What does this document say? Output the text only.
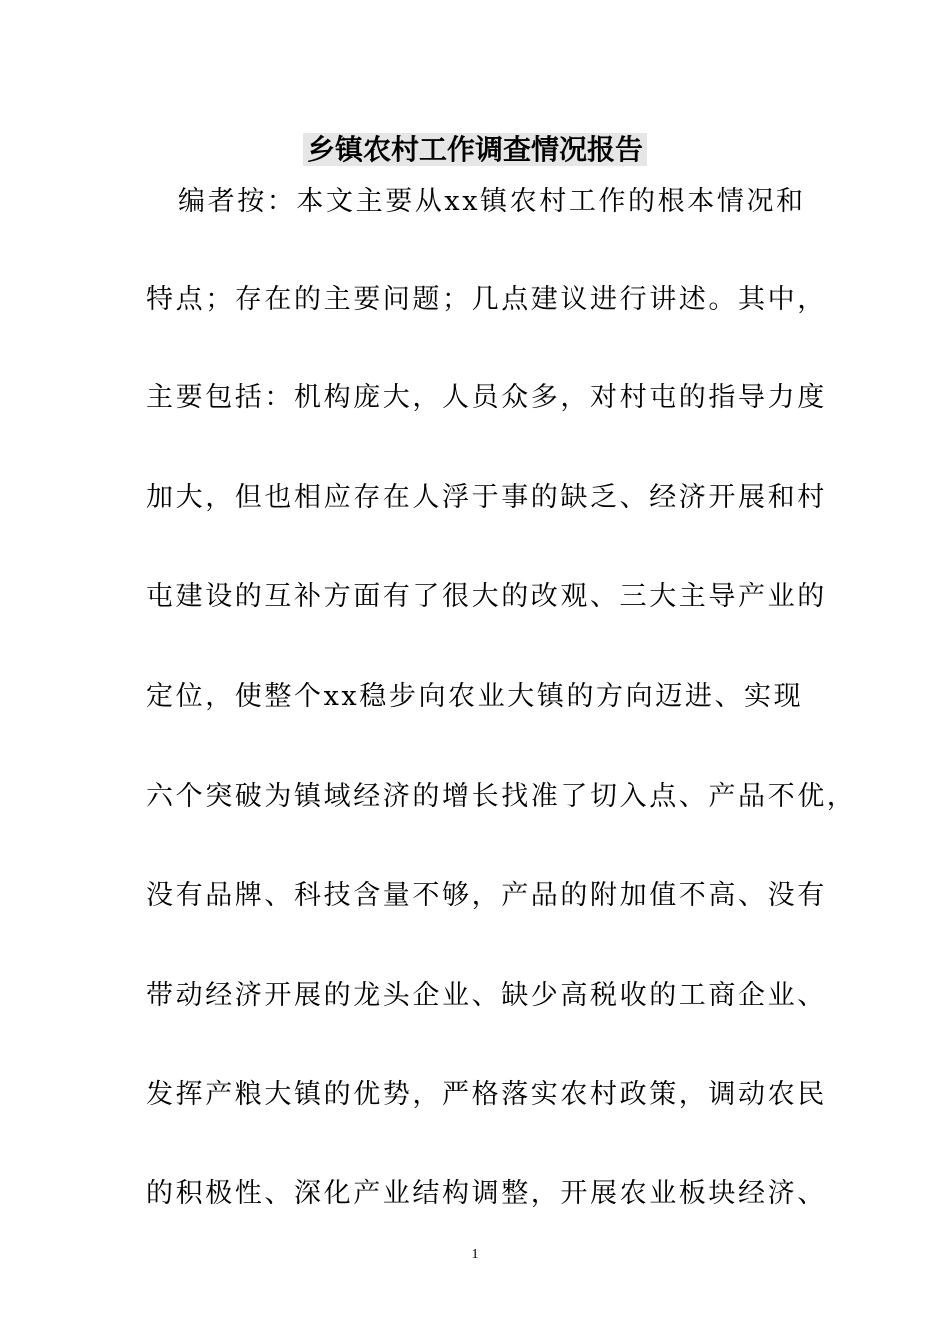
乡镇农村工作调查情况报告
编者按：本文主要从xx镇农村工作的根本情况和
特点；存在的主要问题；几点建议进行讲述。其中，
主要包括：机构庞大，人员众多，对村屯的指导力度
加大，但也相应存在人浮于事的缺乏、经济开展和村
屯建设的互补方面有了很大的改观、三大主导产业的
定位，使整个xx稳步向农业大镇的方向迈进、实现
六个突破为镇域经济的增长找准了切入点、产品不优，
没有品牌、科技含量不够，产品的附加值不高、没有
带动经济开展的龙头企业、缺少高税收的工商企业、
发挥产粮大镇的优势，严格落实农村政策，调动农民
的积极性、深化产业结构调整，开展农业板块经济、
1
